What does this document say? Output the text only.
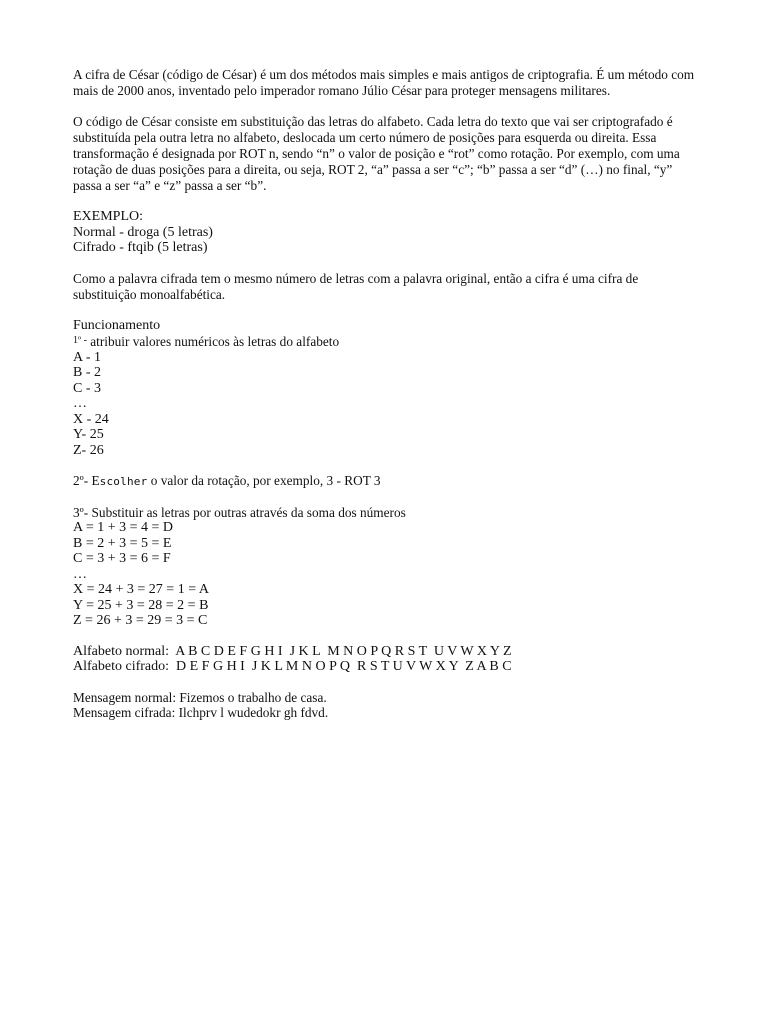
A cifra de César (código de César) é um dos métodos mais simples e mais antigos de criptografia. É um método com mais de 2000 anos, inventado pelo imperador romano Júlio César para proteger mensagens militares.

O código de César consiste em substituição das letras do alfabeto. Cada letra do texto que vai ser criptografado é substituída pela outra letra no alfabeto, deslocada um certo número de posições para esquerda ou direita. Essa transformação é designada por ROT n, sendo “n” o valor de posição e “rot” como rotação. Por exemplo, com uma rotação de duas posições para a direita, ou seja, ROT 2, “a” passa a ser “c”; “b” passa a ser “d” (…) no final, “y” passa a ser “a” e “z” passa a ser “b”.

EXEMPLO:
Normal - droga (5 letras)
Cifrado - ftqib (5 letras)

Como a palavra cifrada tem o mesmo número de letras com a palavra original, então a cifra é uma cifra de substituição monoalfabética.

Funcionamento
$^{1º -}$ atribuir valores numéricos às letras do alfabeto
A - 1
B - 2
C - 3
…
X - 24
Y- 25
Z- 26
2º- Escolher o valor da rotação, por exemplo, 3 - ROT 3
3º- Substituir as letras por outras através da soma dos números
A = 1 + 3 = 4 = D
B = 2 + 3 = 5 = E
C = 3 + 3 = 6 = F
…
X = 24 + 3 = 27 = 1 = A
Y = 25 + 3 = 28 = 2 = B
Z = 26 + 3 = 29 = 3 = C
Alfabeto normal:  A B C D E F G H I  J K L  M N O P Q R S T  U V W X Y Z
Alfabeto cifrado:  D E F G H I  J K L M N O P Q  R S T U V W X Y  Z A B C
Mensagem normal: Fizemos o trabalho de casa.
Mensagem cifrada: Ilchprv l wudedokr gh fdvd.
